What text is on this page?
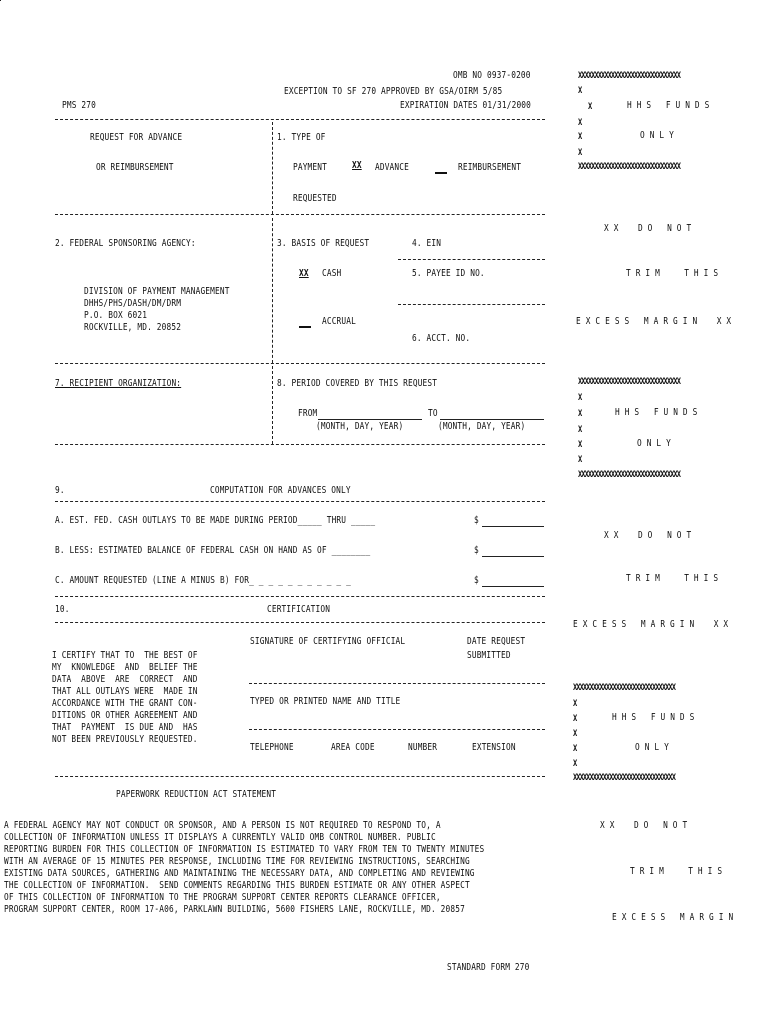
OMB NO 0937-0200
EXCEPTION TO SF 270 APPROVED BY GSA/OIRM 5/85
PMS 270	EXPIRATION DATES 01/31/2000
REQUEST FOR ADVANCE
OR REIMBURSEMENT
1. TYPE OF
PAYMENT	XX ADVANCE	REIMBURSEMENT
REQUESTED
2. FEDERAL SPONSORING AGENCY:
DIVISION OF PAYMENT MANAGEMENT
DHHS/PHS/DASH/DM/DRM
P.O. BOX 6021
ROCKVILLE, MD. 20852
3. BASIS OF REQUEST
XX CASH
ACCRUAL
4. EIN
5. PAYEE ID NO.
6. ACCT. NO.
7. RECIPIENT ORGANIZATION:	8. PERIOD COVERED BY THIS REQUEST
FROM	TO
(MONTH, DAY, YEAR)	(MONTH, DAY, YEAR)
9.	COMPUTATION FOR ADVANCES ONLY
A. EST. FED. CASH OUTLAYS TO BE MADE DURING PERIOD_____ THRU _____	$
B. LESS: ESTIMATED BALANCE OF FEDERAL CASH ON HAND AS OF ________	$
C. AMOUNT REQUESTED (LINE A MINUS B) FOR_ _ _ _ _ _ _ _ _ _ _	$
10.	CERTIFICATION
I CERTIFY THAT TO  THE BEST OF
MY  KNOWLEDGE  AND  BELIEF THE
DATA  ABOVE  ARE  CORRECT  AND
THAT ALL OUTLAYS WERE  MADE IN
ACCORDANCE WITH THE GRANT CON-
DITIONS OR OTHER AGREEMENT AND
THAT  PAYMENT  IS DUE AND  HAS
NOT BEEN PREVIOUSLY REQUESTED.
SIGNATURE OF CERTIFYING OFFICIAL	DATE REQUEST
SUBMITTED
TYPED OR PRINTED NAME AND TITLE
TELEPHONE	AREA CODE	NUMBER	EXTENSION
PAPERWORK REDUCTION ACT STATEMENT
A FEDERAL AGENCY MAY NOT CONDUCT OR SPONSOR, AND A PERSON IS NOT REQUIRED TO RESPOND TO, A
COLLECTION OF INFORMATION UNLESS IT DISPLAYS A CURRENTLY VALID OMB CONTROL NUMBER. PUBLIC
REPORTING BURDEN FOR THIS COLLECTION OF INFORMATION IS ESTIMATED TO VARY FROM TEN TO TWENTY MINUTES
WITH AN AVERAGE OF 15 MINUTES PER RESPONSE, INCLUDING TIME FOR REVIEWING INSTRUCTIONS, SEARCHING
EXISTING DATA SOURCES, GATHERING AND MAINTAINING THE NECESSARY DATA, AND COMPLETING AND REVIEWING
THE COLLECTION OF INFORMATION.  SEND COMMENTS REGARDING THIS BURDEN ESTIMATE OR ANY OTHER ASPECT
OF THIS COLLECTION OF INFORMATION TO THE PROGRAM SUPPORT CENTER REPORTS CLEARANCE OFFICER,
PROGRAM SUPPORT CENTER, ROOM 17-A06, PARKLAWN BUILDING, 5600 FISHERS LANE, ROCKVILLE, MD. 20857
STANDARD FORM 270
XXXXXXXXXXXXXXXXXXXXXXXXXXXXXXX
X
X	H H S   F U N D S
X
X	O N L Y
X
XXXXXXXXXXXXXXXXXXXXXXXXXXXXXXX
X X    D O   N O T
T R I M     T H I S
E X C E S S   M A R G I N    X X
XXXXXXXXXXXXXXXXXXXXXXXXXXXXXXX
X
X	H H S   F U N D S
X
X	O N L Y
X
XXXXXXXXXXXXXXXXXXXXXXXXXXXXXXX
X X    D O   N O T
T R I M     T H I S
E X C E S S   M A R G I N    X X
XXXXXXXXXXXXXXXXXXXXXXXXXXXXXXX
X
X	H H S   F U N D S
X
X	O N L Y
X
XXXXXXXXXXXXXXXXXXXXXXXXXXXXXXX
X X    D O   N O T
T R I M     T H I S
E X C E S S   M A R G I N
